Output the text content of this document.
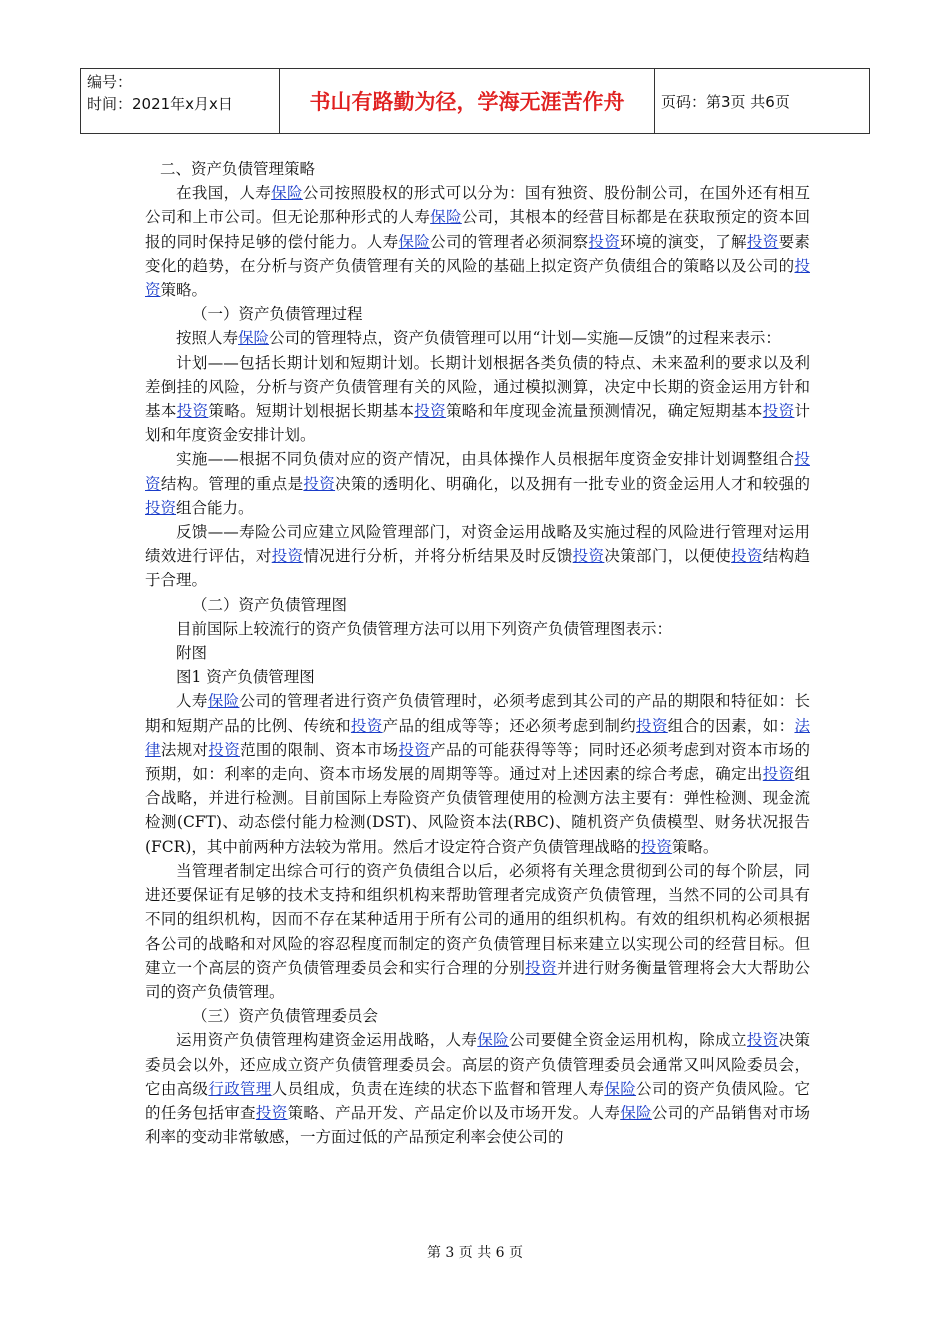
编号：
时间：2021年x月x日	书山有路勤为径，学海无涯苦作舟 页码：第3页 共6页

二、资产负债管理策略

在我国，人寿保险公司按照股权的形式可以分为：国有独资、股份制公司，在国外还有相互公司和上市公司。但无论那种形式的人寿保险公司，其根本的经营目标都是在获取预定的资本回报的同时保持足够的偿付能力。人寿保险公司的管理者必须洞察投资环境的演变，了解投资要素变化的趋势，在分析与资产负债管理有关的风险的基础上拟定资产负债组合的策略以及公司的投资策略。

（一）资产负债管理过程

按照人寿保险公司的管理特点，资产负债管理可以用“计划—实施—反馈”的过程来表示：

计划——包括长期计划和短期计划。长期计划根据各类负债的特点、未来盈利的要求以及利差倒挂的风险，分析与资产负债管理有关的风险，通过模拟测算，决定中长期的资金运用方针和基本投资策略。短期计划根据长期基本投资策略和年度现金流量预测情况，确定短期基本投资计划和年度资金安排计划。

实施——根据不同负债对应的资产情况，由具体操作人员根据年度资金安排计划调整组合投资结构。管理的重点是投资决策的透明化、明确化，以及拥有一批专业的资金运用人才和较强的投资组合能力。

反馈——寿险公司应建立风险管理部门，对资金运用战略及实施过程的风险进行管理对运用绩效进行评估，对投资情况进行分析，并将分析结果及时反馈投资决策部门，以便使投资结构趋于合理。

（二）资产负债管理图

目前国际上较流行的资产负债管理方法可以用下列资产负债管理图表示：

附图

图1 资产负债管理图

人寿保险公司的管理者进行资产负债管理时，必须考虑到其公司的产品的期限和特征如：长期和短期产品的比例、传统和投资产品的组成等等；还必须考虑到制约投资组合的因素，如：法律法规对投资范围的限制、资本市场投资产品的可能获得等等；同时还必须考虑到对资本市场的预期，如：利率的走向、资本市场发展的周期等等。通过对上述因素的综合考虑，确定出投资组合战略，并进行检测。目前国际上寿险资产负债管理使用的检测方法主要有：弹性检测、现金流检测(CFT)、动态偿付能力检测(DST)、风险资本法(RBC)、随机资产负债模型、财务状况报告(FCR)，其中前两种方法较为常用。然后才设定符合资产负债管理战略的投资策略。

当管理者制定出综合可行的资产负债组合以后，必须将有关理念贯彻到公司的每个阶层，同进还要保证有足够的技术支持和组织机构来帮助管理者完成资产负债管理，当然不同的公司具有不同的组织机构，因而不存在某种适用于所有公司的通用的组织机构。有效的组织机构必须根据各公司的战略和对风险的容忍程度而制定的资产负债管理目标来建立以实现公司的经营目标。但建立一个高层的资产负债管理委员会和实行合理的分别投资并进行财务衡量管理将会大大帮助公司的资产负债管理。

（三）资产负债管理委员会

运用资产负债管理构建资金运用战略，人寿保险公司要健全资金运用机构，除成立投资决策委员会以外，还应成立资产负债管理委员会。高层的资产负债管理委员会通常又叫风险委员会，它由高级行政管理人员组成，负责在连续的状态下监督和管理人寿保险公司的资产负债风险。它的任务包括审查投资策略、产品开发、产品定价以及市场开发。人寿保险公司的产品销售对市场利率的变动非常敏感，一方面过低的产品预定利率会使公司的

第 3 页 共 6 页
